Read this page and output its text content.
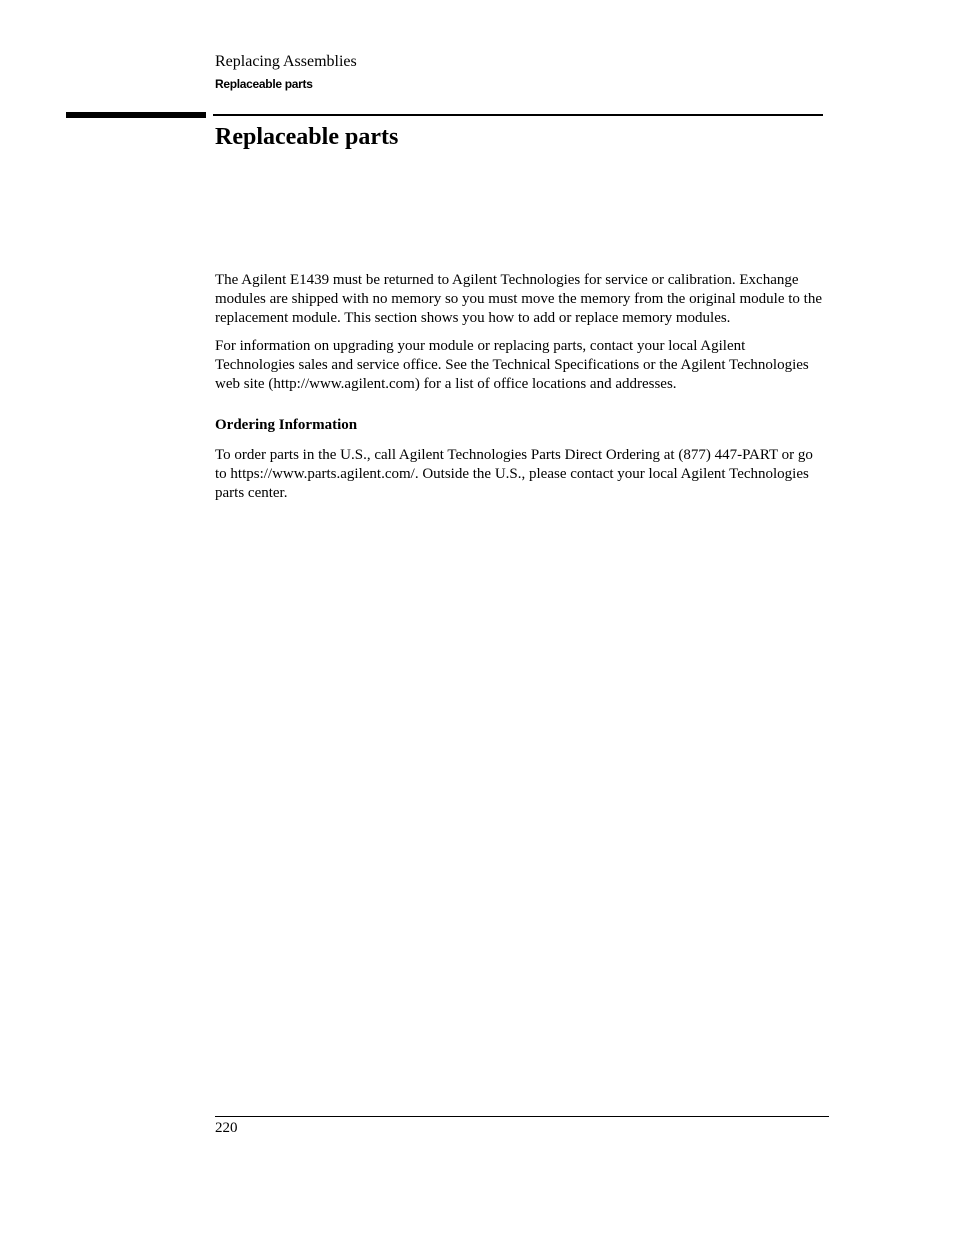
Replacing Assemblies
Replaceable parts
Replaceable parts

The Agilent E1439 must be returned to Agilent Technologies for service or calibration. Exchange modules are shipped with no memory so you must move the memory from the original module to the replacement module. This section shows you how to add or replace memory modules.

For information on upgrading your module or replacing parts, contact your local Agilent Technologies sales and service office. See the Technical Specifications or the Agilent Technologies web site (http://www.agilent.com) for a list of office locations and addresses.

Ordering Information

To order parts in the U.S., call Agilent Technologies Parts Direct Ordering at (877) 447-PART or go to https://www.parts.agilent.com/. Outside the U.S., please contact your local Agilent Technologies parts center.

220
